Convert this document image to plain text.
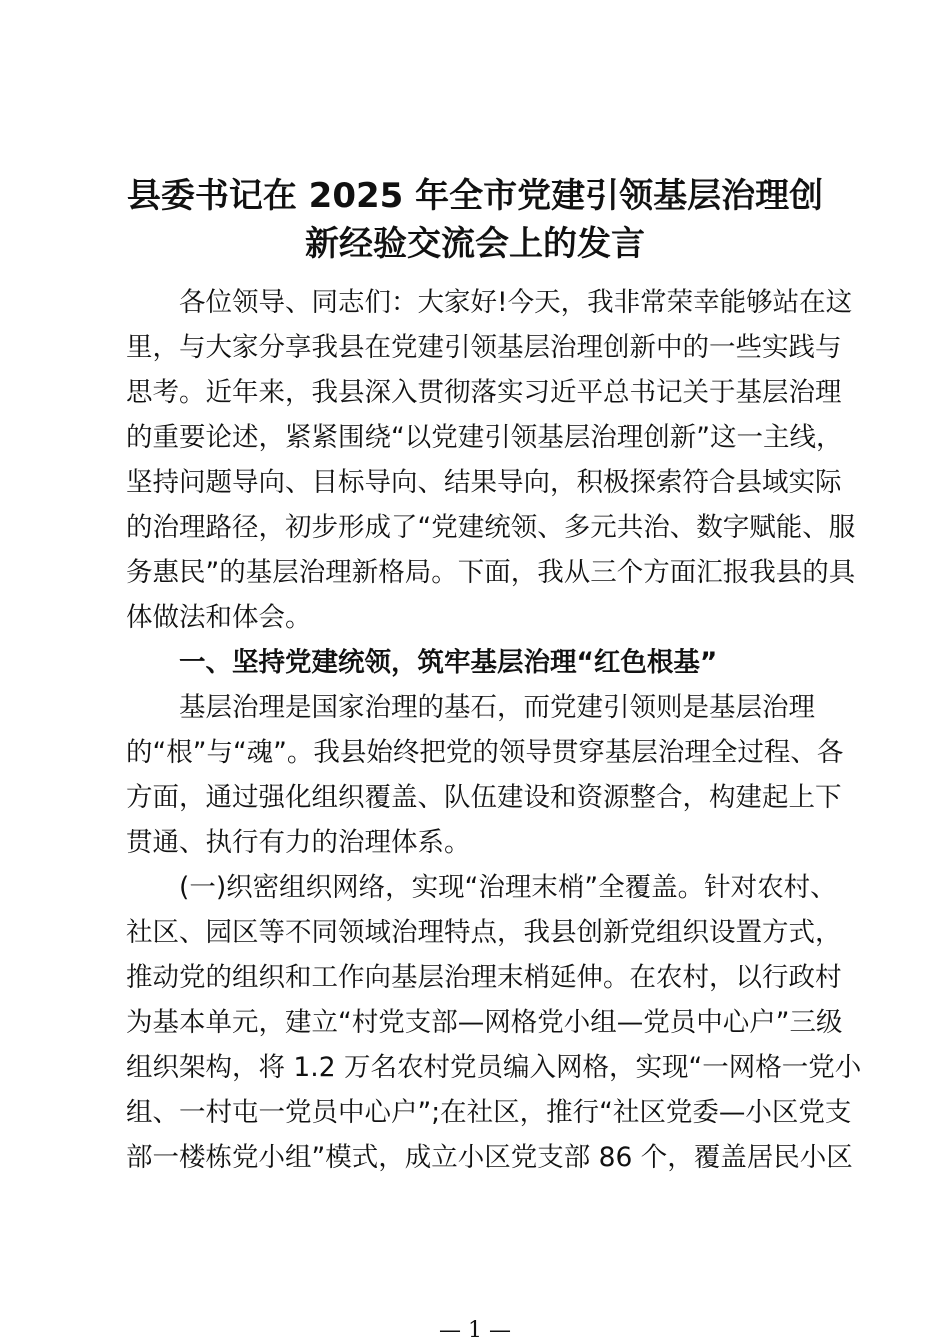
县委书记在 2025 年全市党建引领基层治理创
新经验交流会上的发言
　　各位领导、同志们：大家好!今天，我非常荣幸能够站在这
里，与大家分享我县在党建引领基层治理创新中的一些实践与
思考。近年来，我县深入贯彻落实习近平总书记关于基层治理
的重要论述，紧紧围绕“以党建引领基层治理创新”这一主线，
坚持问题导向、目标导向、结果导向，积极探索符合县域实际
的治理路径，初步形成了“党建统领、多元共治、数字赋能、服
务惠民”的基层治理新格局。下面，我从三个方面汇报我县的具
体做法和体会。
　　一、坚持党建统领，筑牢基层治理“红色根基”
　　基层治理是国家治理的基石，而党建引领则是基层治理
的“根”与“魂”。我县始终把党的领导贯穿基层治理全过程、各
方面，通过强化组织覆盖、队伍建设和资源整合，构建起上下
贯通、执行有力的治理体系。
　　(一)织密组织网络，实现“治理末梢”全覆盖。针对农村、
社区、园区等不同领域治理特点，我县创新党组织设置方式，
推动党的组织和工作向基层治理末梢延伸。在农村，以行政村
为基本单元，建立“村党支部—网格党小组—党员中心户”三级
组织架构，将 1.2 万名农村党员编入网格，实现“一网格一党小
组、一村屯一党员中心户”;在社区，推行“社区党委—小区党支
部一楼栋党小组”模式，成立小区党支部 86 个，覆盖居民小区
— 1 —
